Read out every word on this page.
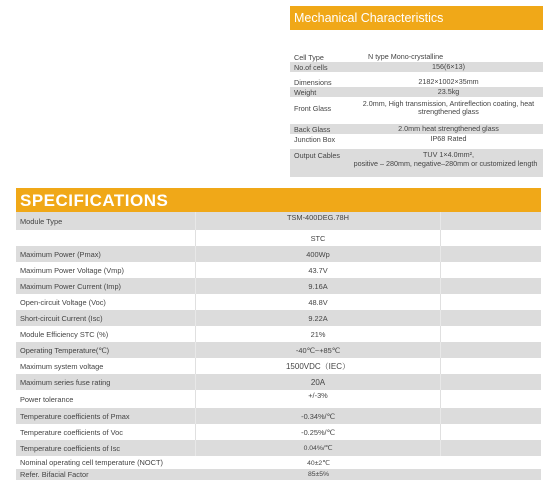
Mechanical Characteristics
Cell Type	N type Mono-crystalline
No.of cells	156(6×13)
Dimensions	2182×1002×35mm
Weight	23.5kg
Front Glass
2.0mm, High transmission, Antireflection coating, heat strengthened glass
Back Glass	2.0mm heat strengthened glass
Junction Box	IP68 Rated
Output Cables	TUV 1×4.0mm²,
positive – 280mm, negative–280mm or customized length
SPECIFICATIONS
Module Type	TSM-400DEG.78H
STC
Maximum Power (Pmax)	400Wp
Maximum Power Voltage (Vmp)	43.7V
Maximum Power Current (Imp)	9.16A
Open-circuit Voltage (Voc)	48.8V
Short-circuit Current (Isc)	9.22A
Module Efficiency STC (%)	21%
Operating Temperature(℃)	-40℃~+85℃
Maximum system voltage	1500VDC（IEC）
Maximum series fuse rating	20A
Power tolerance	+/-3%
Temperature coefficients of Pmax	-0.34%/℃
Temperature coefficients of Voc	-0.25%/℃
Temperature coefficients of Isc	0.04%/℃
Nominal operating cell temperature (NOCT)	40±2℃
Refer. Bifacial Factor	85±5%
